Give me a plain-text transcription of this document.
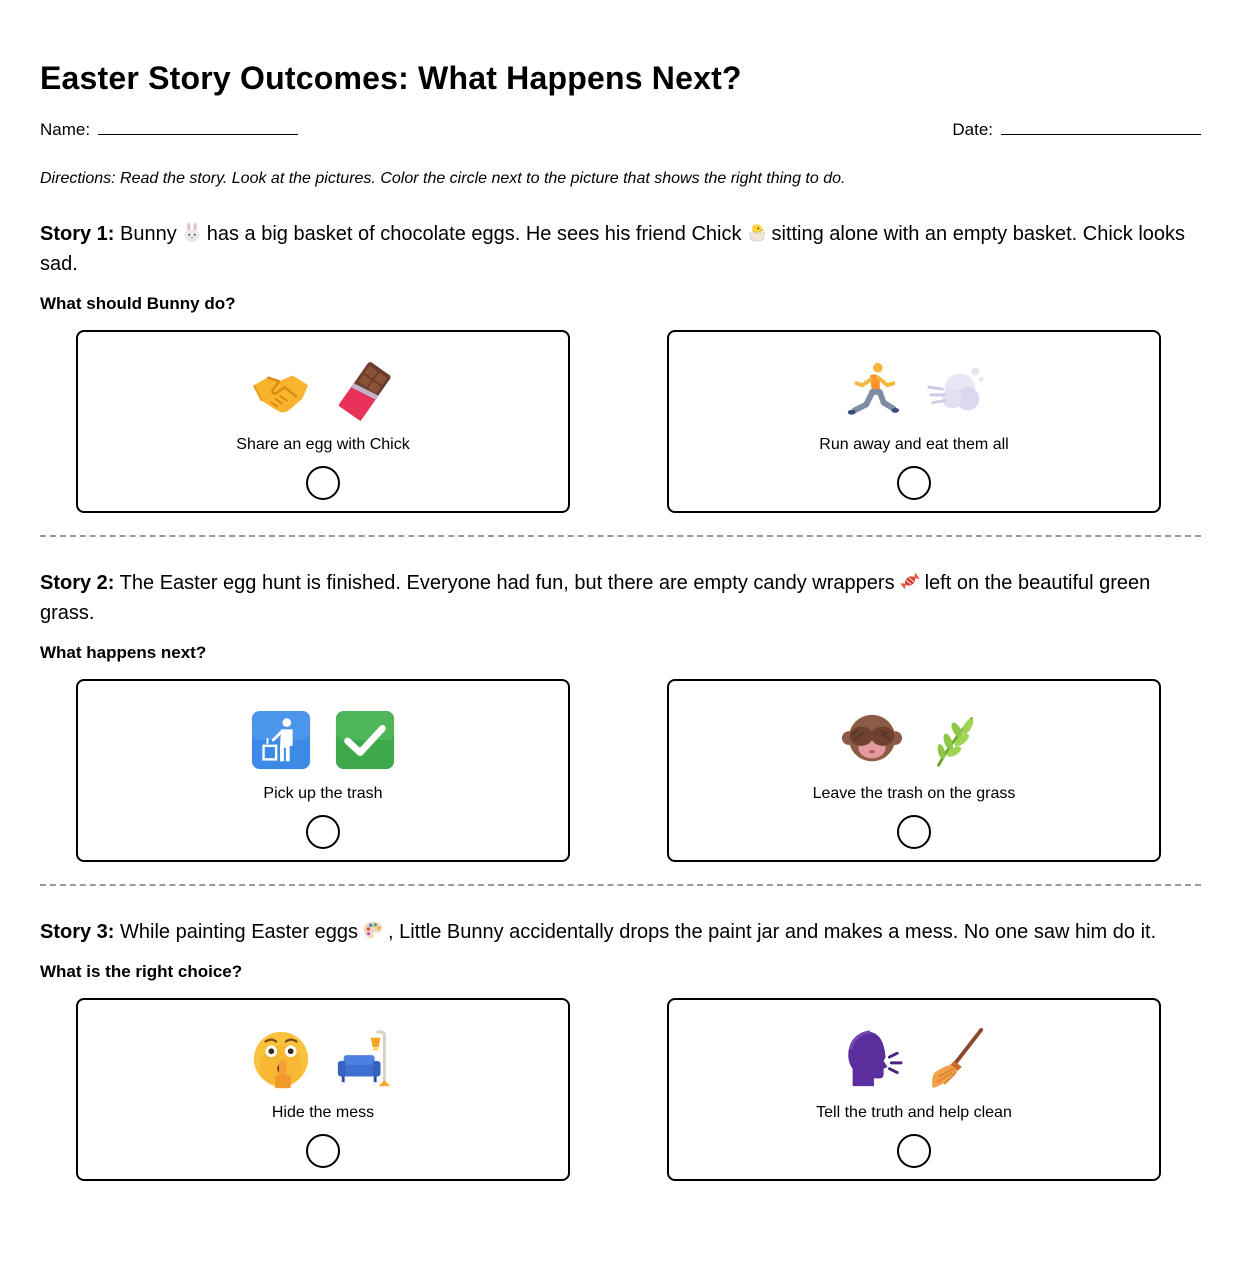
Easter Story Outcomes: What Happens Next?
Name:	Date:
Directions: Read the story. Look at the pictures. Color the circle next to the picture that shows the right thing to do.
Story 1: Bunny has a big basket of chocolate eggs. He sees his friend Chick sitting alone with an empty basket. Chick looks sad.
What should Bunny do?
Share an egg with Chick	Run away and eat them all
Story 2: The Easter egg hunt is finished. Everyone had fun, but there are empty candy wrappers left on the beautiful green grass.
What happens next?
Pick up the trash	Leave the trash on the grass
Story 3: While painting Easter eggs , Little Bunny accidentally drops the paint jar and makes a mess. No one saw him do it.
What is the right choice?
Hide the mess	Tell the truth and help clean
